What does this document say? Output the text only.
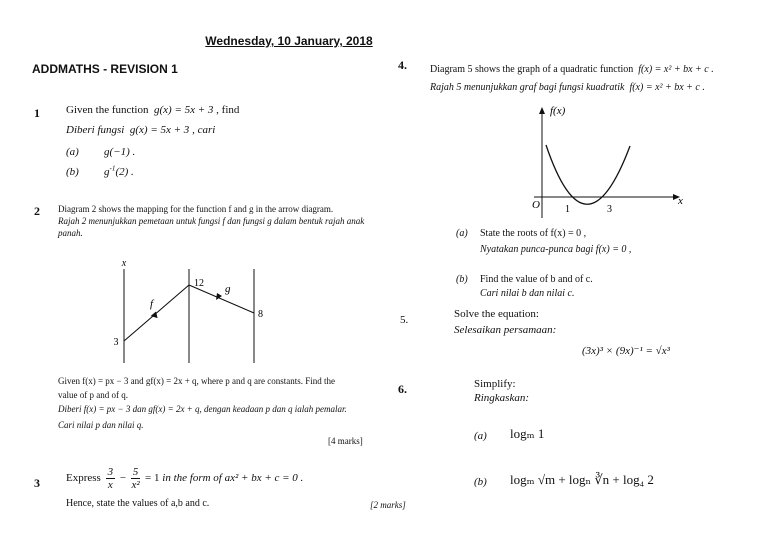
Wednesday, 10 January, 2018
ADDMATHS - REVISION 1
1 Given the function g(x) = 5x + 3 , find
Diberi fungsi g(x) = 5x + 3 , cari
(a) g(−1) .
(b) $g^{-1}(2)$ .
2 Diagram 2 shows the mapping for the function f and g in the arrow diagram.
Rajah 2 menunjukkan pemetaan untuk fungsi f dan fungsi g dalam bentuk rajah anak
panah.
x
3
12
8
f
g
Given f(x) = px − 3 and gf(x) = 2x + q, where p and q are constants. Find the
value of p and of q.
Diberi f(x) = px − 3 dan gf(x) = 2x + q, dengan keadaan p dan q ialah pemalar.
Cari nilai p dan nilai q.
[4 marks]
3 Express $\frac{3}{x} - \frac{5}{\text{x²}} = 1$ in the form of ax² + bx + c = 0 .
Hence, state the values of a,b and c.	[2 marks]
4. Diagram 5 shows the graph of a quadratic function f(x) = x² + bx + c .
Rajah 5 menunjukkan graf bagi fungsi kuadratik f(x) = x² + bx + c .
f(x)
x
O	1	3
(a) State the roots of f(x) = 0 ,
Nyatakan punca-punca bagi f(x) = 0 ,
(b) Find the value of b and of c.
Cari nilai b dan nilai c.
5.	Solve the equation:
Selesaikan persamaan:
(3x)³ × (9x)⁻¹ = √x³
6.	Simplify:
Ringkaskan:
(a) logₘ 1
(b) logₘ √m + logₙ ∛n + log₄ 2
